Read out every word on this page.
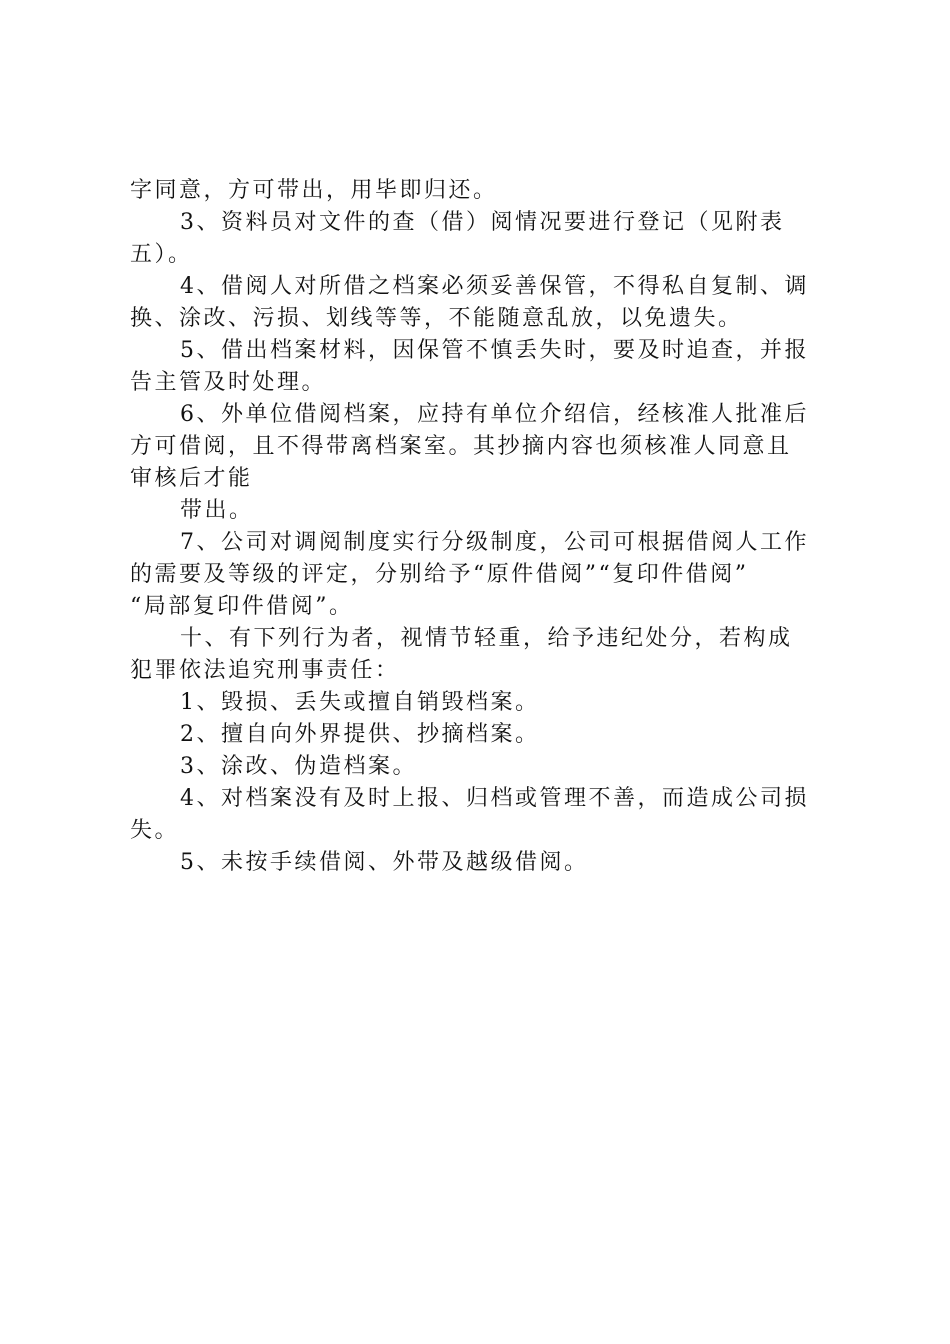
字同意，方可带出，用毕即归还。
3、资料员对文件的查（借）阅情况要进行登记（见附表
五）。
4、借阅人对所借之档案必须妥善保管，不得私自复制、调
换、涂改、污损、划线等等，不能随意乱放，以免遗失。
5、借出档案材料，因保管不慎丢失时，要及时追查，并报
告主管及时处理。
6、外单位借阅档案，应持有单位介绍信，经核准人批准后
方可借阅，且不得带离档案室。其抄摘内容也须核准人同意且
审核后才能
带出。
7、公司对调阅制度实行分级制度，公司可根据借阅人工作
的需要及等级的评定，分别给予“原件借阅”“复印件借阅”
“局部复印件借阅”。
十、有下列行为者，视情节轻重，给予违纪处分，若构成
犯罪依法追究刑事责任：
1、毁损、丢失或擅自销毁档案。
2、擅自向外界提供、抄摘档案。
3、涂改、伪造档案。
4、对档案没有及时上报、归档或管理不善，而造成公司损
失。
5、未按手续借阅、外带及越级借阅。
